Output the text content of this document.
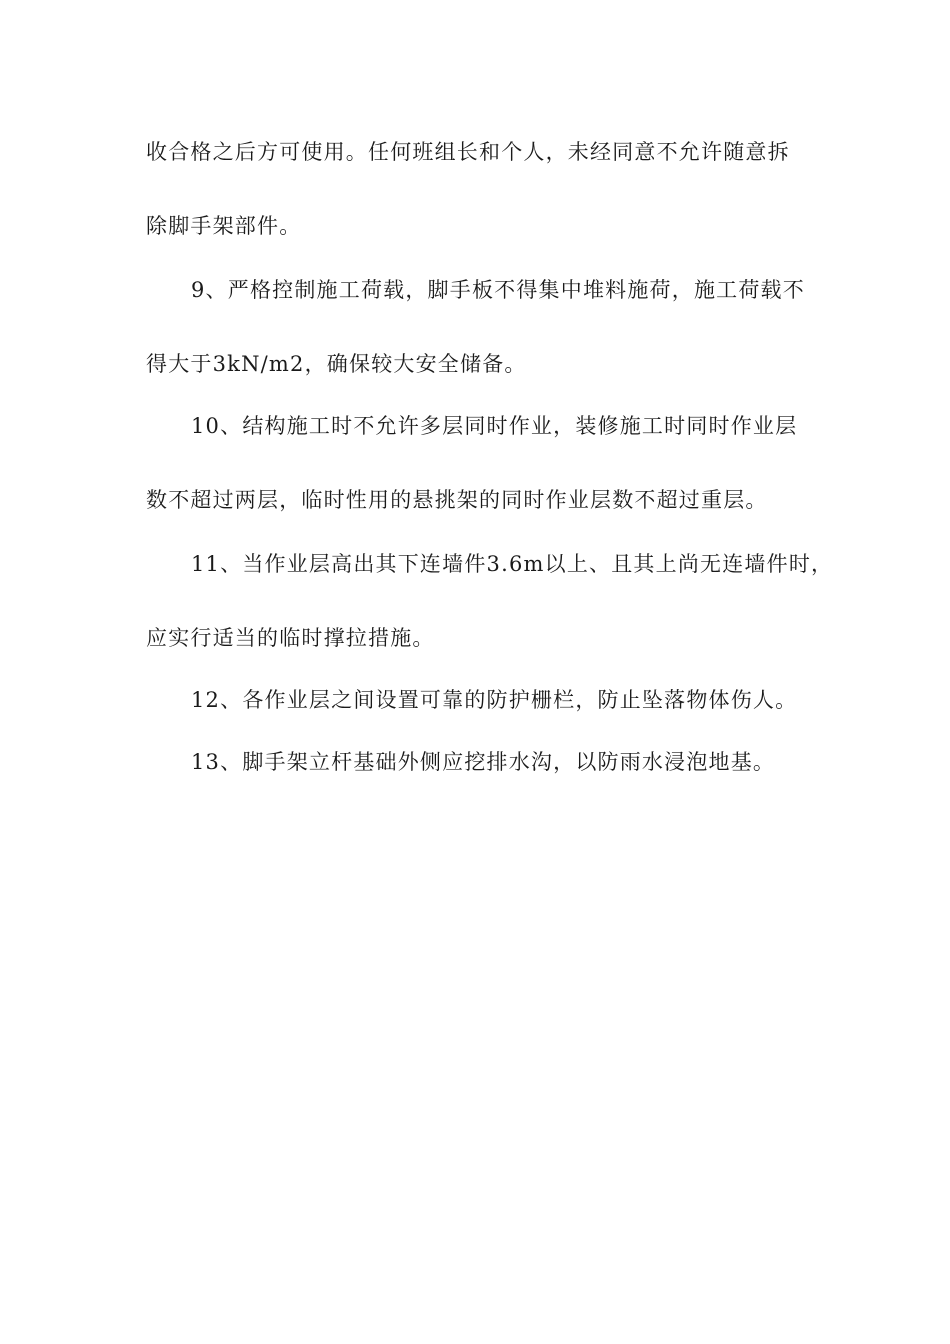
收合格之后方可使用。任何班组长和个人，未经同意不允许随意拆
除脚手架部件。
9、严格控制施工荷载，脚手板不得集中堆料施荷，施工荷载不
得大于3kN/m2，确保较大安全储备。
10、结构施工时不允许多层同时作业，装修施工时同时作业层
数不超过两层，临时性用的悬挑架的同时作业层数不超过重层。
11、当作业层高出其下连墙件3.6m以上、且其上尚无连墙件时，
应实行适当的临时撑拉措施。
12、各作业层之间设置可靠的防护栅栏，防止坠落物体伤人。
13、脚手架立杆基础外侧应挖排水沟，以防雨水浸泡地基。
